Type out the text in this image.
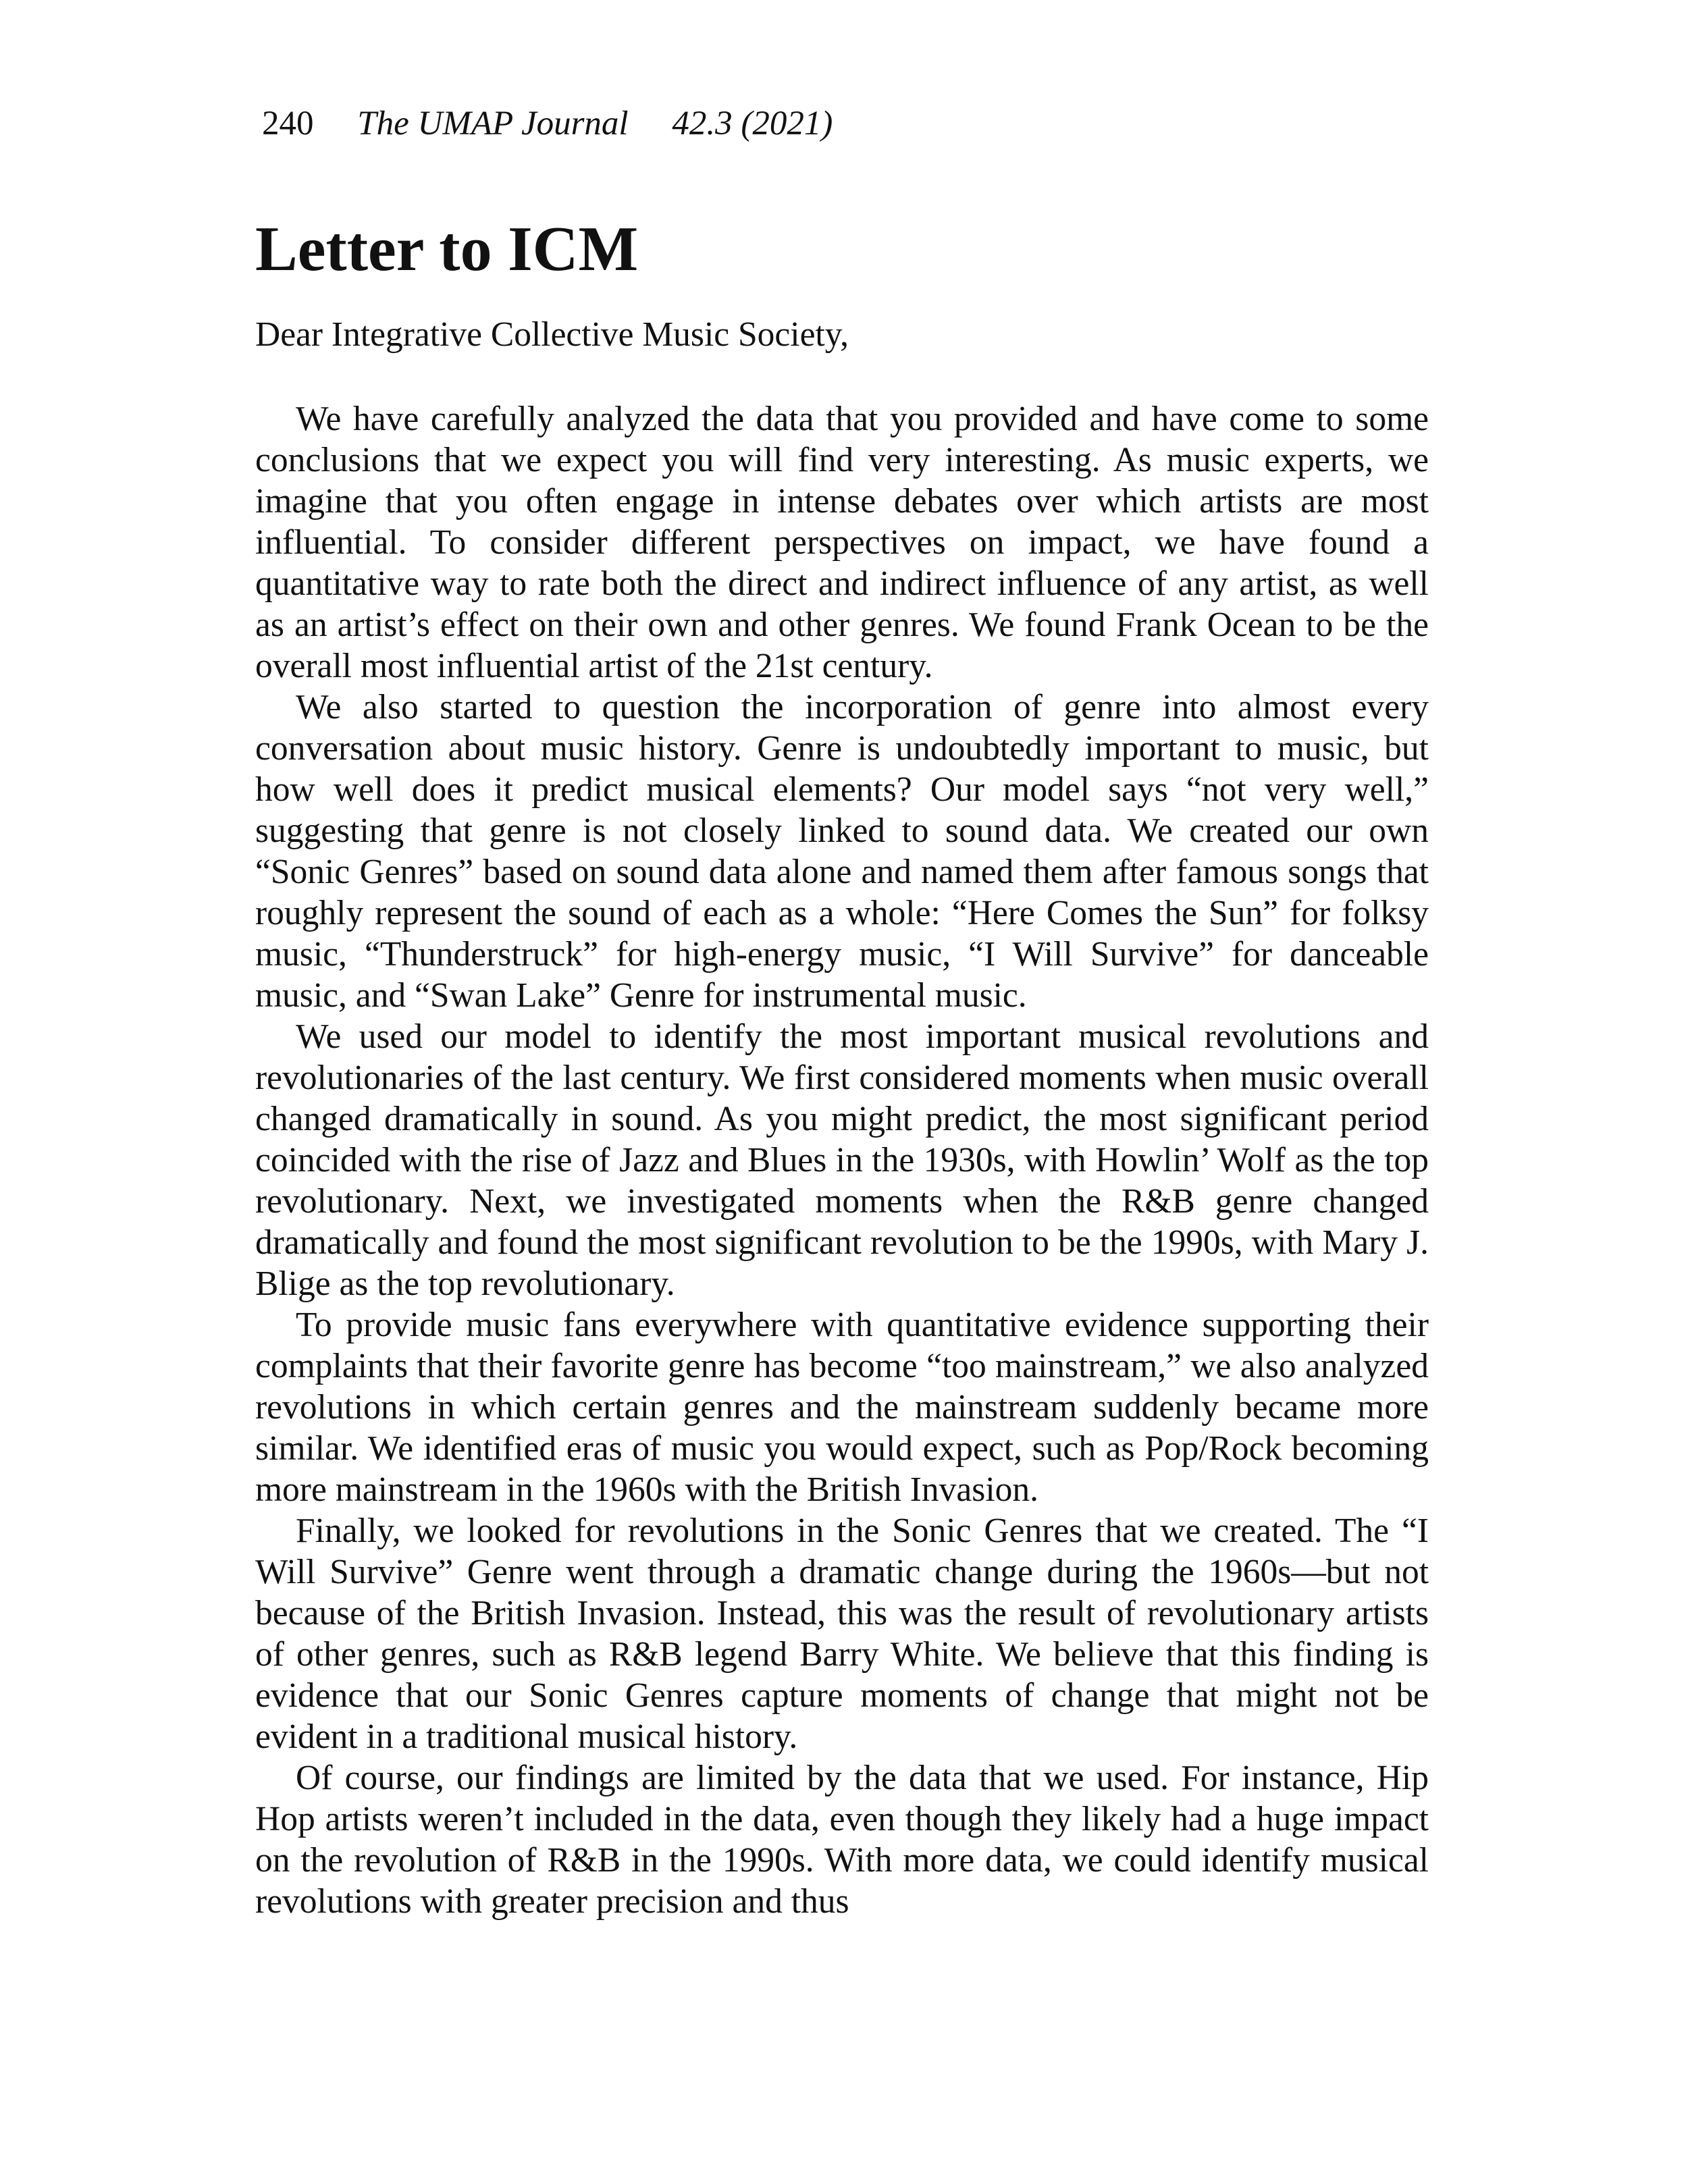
240 The UMAP Journal 42.3 (2021)
Letter to ICM

Dear Integrative Collective Music Society,

We have carefully analyzed the data that you provided and have come to some conclusions that we expect you will find very interesting. As music experts, we imagine that you often engage in intense debates over which artists are most influential. To consider different perspectives on impact, we have found a quantitative way to rate both the direct and indirect influence of any artist, as well as an artist’s effect on their own and other genres. We found Frank Ocean to be the overall most influential artist of the 21st century.

We also started to question the incorporation of genre into almost every conversation about music history. Genre is undoubtedly important to music, but how well does it predict musical elements? Our model says “not very well,” suggesting that genre is not closely linked to sound data. We created our own “Sonic Genres” based on sound data alone and named them after famous songs that roughly represent the sound of each as a whole: “Here Comes the Sun” for folksy music, “Thunderstruck” for high-energy music, “I Will Survive” for danceable music, and “Swan Lake” Genre for instrumental music.

We used our model to identify the most important musical revolutions and revolutionaries of the last century. We first considered moments when music overall changed dramatically in sound. As you might predict, the most significant period coincided with the rise of Jazz and Blues in the 1930s, with Howlin’ Wolf as the top revolutionary. Next, we investigated moments when the R&B genre changed dramatically and found the most significant revolution to be the 1990s, with Mary J. Blige as the top revolutionary.

To provide music fans everywhere with quantitative evidence supporting their complaints that their favorite genre has become “too mainstream,” we also analyzed revolutions in which certain genres and the mainstream suddenly became more similar. We identified eras of music you would expect, such as Pop/Rock becoming more mainstream in the 1960s with the British Invasion.

Finally, we looked for revolutions in the Sonic Genres that we created. The “I Will Survive” Genre went through a dramatic change during the 1960s—but not because of the British Invasion. Instead, this was the result of revolutionary artists of other genres, such as R&B legend Barry White. We believe that this finding is evidence that our Sonic Genres capture moments of change that might not be evident in a traditional musical history.

Of course, our findings are limited by the data that we used. For instance, Hip Hop artists weren’t included in the data, even though they likely had a huge impact on the revolution of R&B in the 1990s. With more data, we could identify musical revolutions with greater precision and thus
